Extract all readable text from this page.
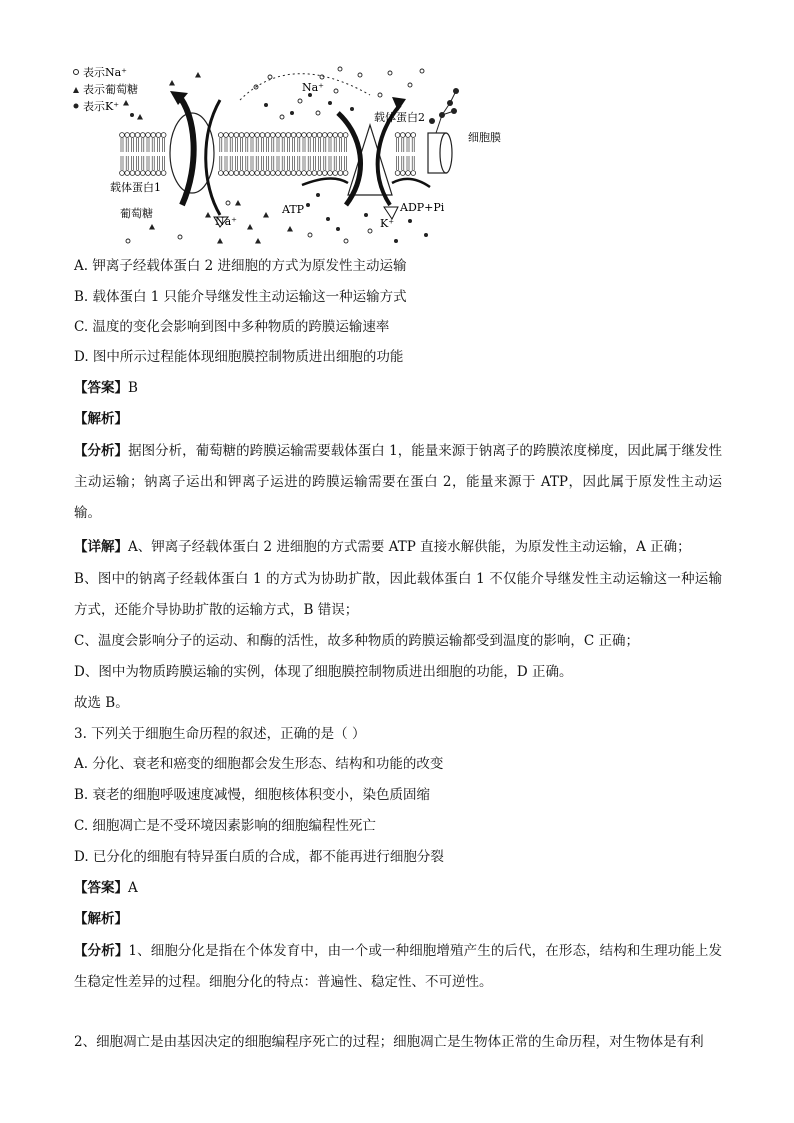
表示Na⁺
表示葡萄糖
表示K⁺
Na⁺
载体蛋白2
细胞膜
载体蛋白1
葡萄糖
Na⁺
ATP
K⁺
ADP+Pi
A. 钾离子经载体蛋白 2 进细胞的方式为原发性主动运输
B. 载体蛋白 1 只能介导继发性主动运输这一种运输方式
C. 温度的变化会影响到图中多种物质的跨膜运输速率
D. 图中所示过程能体现细胞膜控制物质进出细胞的功能
【答案】B
【解析】
【分析】据图分析，葡萄糖的跨膜运输需要载体蛋白 1，能量来源于钠离子的跨膜浓度梯度，因此属于继发性主动运输；钠离子运出和钾离子运进的跨膜运输需要在蛋白 2，能量来源于 ATP，因此属于原发性主动运输。
【详解】A、钾离子经载体蛋白 2 进细胞的方式需要 ATP 直接水解供能，为原发性主动运输，A 正确；
B、图中的钠离子经载体蛋白 1 的方式为协助扩散，因此载体蛋白 1 不仅能介导继发性主动运输这一种运输方式，还能介导协助扩散的运输方式，B 错误；
C、温度会影响分子的运动、和酶的活性，故多种物质的跨膜运输都受到温度的影响，C 正确；
D、图中为物质跨膜运输的实例，体现了细胞膜控制物质进出细胞的功能，D 正确。
故选 B。
3. 下列关于细胞生命历程的叙述，正确的是（ ）
A. 分化、衰老和癌变的细胞都会发生形态、结构和功能的改变
B. 衰老的细胞呼吸速度减慢，细胞核体积变小，染色质固缩
C. 细胞凋亡是不受环境因素影响的细胞编程性死亡
D. 已分化的细胞有特异蛋白质的合成，都不能再进行细胞分裂
【答案】A
【解析】
【分析】1、细胞分化是指在个体发育中，由一个或一种细胞增殖产生的后代，在形态，结构和生理功能上发生稳定性差异的过程。细胞分化的特点：普遍性、稳定性、不可逆性。
2、细胞凋亡是由基因决定的细胞编程序死亡的过程；细胞凋亡是生物体正常的生命历程，对生物体是有利
